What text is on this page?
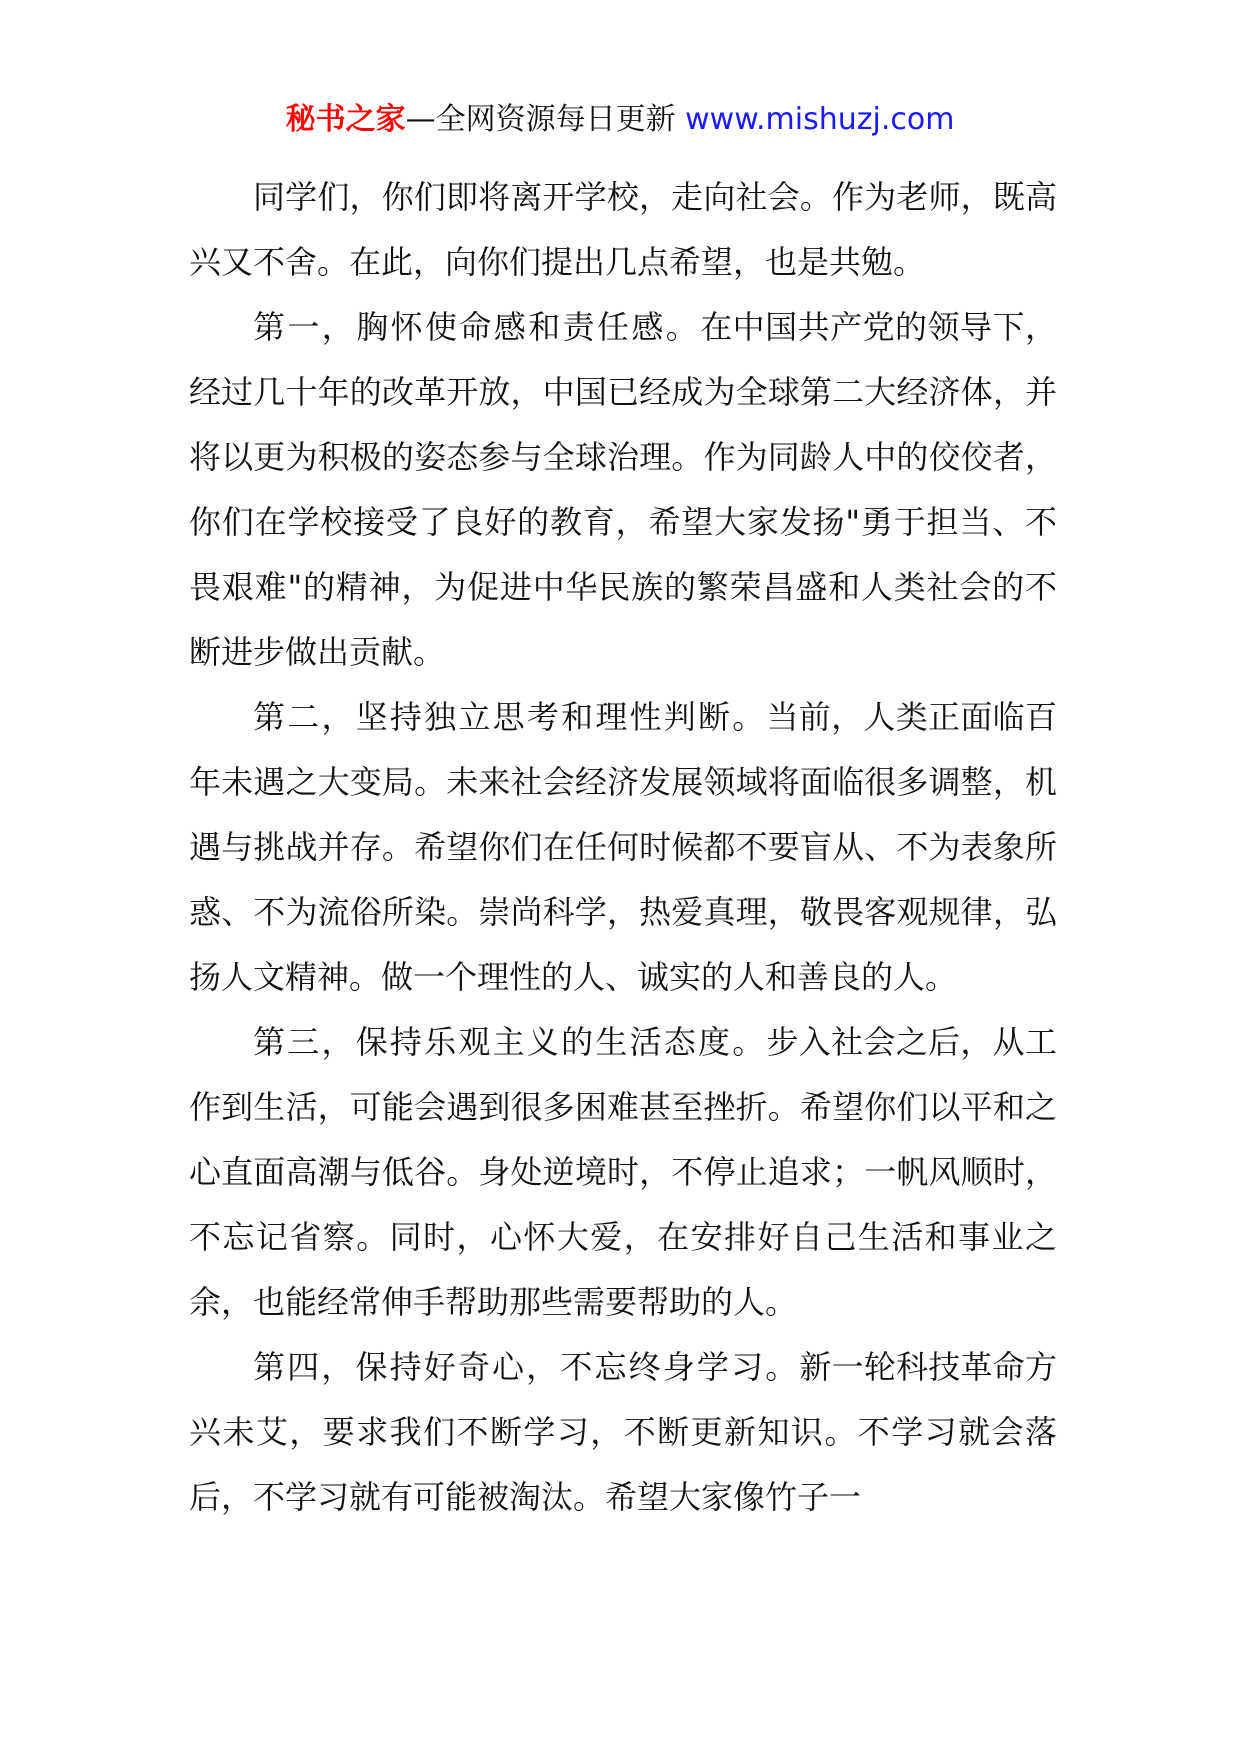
秘书之家—全网资源每日更新 www.mishuzj.com

同学们，你们即将离开学校，走向社会。作为老师，既高兴又不舍。在此，向你们提出几点希望，也是共勉。

第一，胸怀使命感和责任感。在中国共产党的领导下，经过几十年的改革开放，中国已经成为全球第二大经济体，并将以更为积极的姿态参与全球治理。作为同龄人中的佼佼者，你们在学校接受了良好的教育，希望大家发扬"勇于担当、不畏艰难"的精神，为促进中华民族的繁荣昌盛和人类社会的不断进步做出贡献。

第二，坚持独立思考和理性判断。当前，人类正面临百年未遇之大变局。未来社会经济发展领域将面临很多调整，机遇与挑战并存。希望你们在任何时候都不要盲从、不为表象所惑、不为流俗所染。崇尚科学，热爱真理，敬畏客观规律，弘扬人文精神。做一个理性的人、诚实的人和善良的人。

第三，保持乐观主义的生活态度。步入社会之后，从工作到生活，可能会遇到很多困难甚至挫折。希望你们以平和之心直面高潮与低谷。身处逆境时，不停止追求；一帆风顺时，不忘记省察。同时，心怀大爱，在安排好自己生活和事业之余，也能经常伸手帮助那些需要帮助的人。

第四，保持好奇心，不忘终身学习。新一轮科技革命方兴未艾，要求我们不断学习，不断更新知识。不学习就会落后，不学习就有可能被淘汰。希望大家像竹子一
